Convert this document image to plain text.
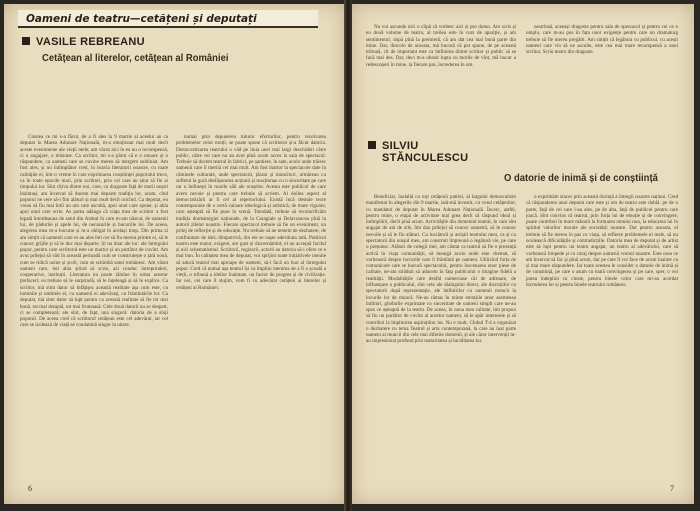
Oameni de teatru—cetățeni și deputați
VASILE REBREANU
Cetățean al literelor, cetățean al României

Cinstea ce mi s-a făcut, de a fi ales la 9 martie al acestui an ca deputat în Marea Adunare Națională, m-a emoționat mai mult decît aceste evenimente ale vieții mele; am văzut aici în ea nu o recompensă, ci o angajare, o misiune. Ca scriitor, mi s-a părut că e o onoare și o răspundere, ca oameni care se cuvine mereu să mergem subliniat. Am fost ales, și nu întîmplător cred, în istoria literaturii noastre, cu toate calitățile ei, într-o vreme în care exprimarea conștiinței poporului trece, ca în toate epocile mari, prin scriitori, prin cei care au știut să fie ai timpului lor. Sînt cîțiva dintre noi, care, cu dragoste față de marii noștri înaintași, am încercat să ducem mai departe tradiția lor, acum, cînd poporul ne cere să-i fim alături și mai mult decît oricînd. Ca deputat, eu vreau să fiu mai întîi un om care ascultă, apoi unul care spune, și abia apoi unul care scrie. As putea adăuga că viața mea de scriitor a fost legată întotdeauna de satul din Ardeal în care m-am născut, de oamenii lui, de pădurile și apele lui, de necazurile și bucuriile lui. De aceea, alegerea mea m-a bucurat și m-a obligat în același timp. Din prima zi am simțit că oamenii care m-au ales îmi cer să fiu mereu printre ei, să le cunosc grijile și să le duc mai departe. Și nu doar ale lor: ale întregului popor, pentru care scriitorul este un martor și un purtător de cuvînt. Am avut prilejul să văd în această perioadă cum se construiește o țară nouă, cum se ridică uzine și școli, cum se schimbă satul românesc. Am văzut oameni care, ieri abia știind să scrie, azi conduc întreprinderi, cooperative, instituții. Literatura nu poate rămîne în urma acestor prefaceri; ea trebuie să le surprindă, să le înțeleagă și să le explice. Ca scriitor, mă simt dator să înfățișez această realitate așa cum este, cu luminile și umbrele ei, cu oamenii ei adevărați, cu frămîntările lor. Ca deputat, mă simt dator să lupt pentru ca această realitate să fie tot mai bună, tot mai dreaptă, tot mai frumoasă. Cele două datorii nu se despart, ci se completează; ele sînt, de fapt, una singură: datoria de a sluji poporul. De aceea cred că scriitorul cetățean este cel adevărat, iar cel care se izolează de viață se condamnă singur la uitare.

numai prin depunerea tuturor eforturilor, pentru rezolvarea problemelor celor mulți, se poate spune că scriitorul și-a făcut datoria. Democratizarea teatrului o văd pe linia unei mai largi deschideri către public, către cei care nu au avut pînă acum acces la sala de spectacol. Trebuie să ducem teatrul în fabrici, pe șantiere, în sate, acolo unde trăiesc oamenii care îl merită cel mai mult. Am fost martor la spectacole date în căminele culturale, unde spectatorii, țărani și muncitori, urmăreau cu sufletul la gură desfășurarea acțiunii și reacționau cu o sinceritate pe care rar o întîlnești în marile săli ale orașelor. Acesta este publicul de care avem nevoie și pentru care trebuie să scriem. Al doilea aspect al democratizării ar fi cel al repertoriului. Există încă destule texte contemporane de o certă valoare ideologică și artistică, de mare vigoare, care așteaptă să fie puse în scenă. Totodată, trebuie să revalorificăm tradiția dramaturgiei naționale, de la Caragiale și Delavrancea pînă la autorii zilelor noastre. Fiecare spectacol trebuie să fie un eveniment, un prilej de reflecție și de educație. Nu trebuie să ne temem de dezbatere, de confruntare de idei; dimpotrivă, din ele se naște adevărata artă. Publicul nostru este matur, exigent, are gust și discernămînt; el nu acceptă facilul și nici schematismul. Scriitorii, regizorii, actorii au datoria să-i ofere ce e mai bun. În calitatea mea de deputat, voi sprijini toate inițiativele menite să aducă teatrul mai aproape de oameni, să-l facă un bun al întregului popor. Cred că numai așa teatrul își va împlini menirea de a fi o școală a vieții, o tribună a ideilor înaintate, un factor de progres și de civilizație. Iar noi, cei care îl slujim, vom fi cu adevărat cetățeni ai literelor și cetățeni ai României.

6

Nu voi ascunde nici o clipă că vorbesc aici și pro domo. Am scris și eu două volume de teatru, al treilea este în curs de apariție, și am sentimentul, după pînă la premieră, că am dat cea mai bună parte din mine. Dar, dincolo de aceasta, mă bucură că pot spune, de pe această tribună, cît de important este ca întîlnirea dintre scriitor și public să se facă mai des. Dar, deci m-a obosit lupta cu morile de vînt, mă bucur a redescoperi în mine, la fiecare pas, încrederea în om.

nestrînsă, aceeași dragoste pentru sala de spectacol și pentru cei ce o umplu, care m-au pus în fața unor exigențe pentru care un dramaturg trebuie să fie mereu pregătit. Am simțit că legătura cu publicul, cu acești oameni care vin să ne asculte, este cea mai mare recompensă a unui scriitor. Scriu teatru din dragoste.

SILVIU STĂNCULESCU
O datorie de inimă și de conștiință

Beneficiar, laolaltă cu toți cetățenii patriei, al largului democratism manifestat în alegerile din 9 martie, iată-mă investit, cu votul cetățenilor, cu mandatul de deputat în Marea Adunare Națională. Încerc, astfel, pentru mine, o etapă de activitate mai grea decît să răspund ideal și întîmplării, decît pînă acum. Activitățile din domeniul teatral, în care sînt angajat de ani de zile, îmi dau prilejul să cunosc oamenii, să le cunosc nevoile și să le fiu alături. Cu lucrătorii și artiștii teatrului meu, ca și cu spectatorii din orașul meu, am construit împreună o legătură vie, pe care o prețuiesc. Alături de colegii mei, am căutat ca teatrul să fie o prezență activă în viața comunității, să meargă acolo unde este chemat, să vorbească despre lucrurile care îi frămîntă pe oameni. Utilizînd forța de comunicare care se bucură spectacolul, pentru înscenarea unor piese de calitate, ne-am străduit să aducem în fața publicului o imagine fidelă a realității. Modalitățile care desfid numeroase căi de adresare, de influențare a publicului, sînt cele ale dialogului direct, ale discuțiilor cu spectatorii după reprezentație, ale întîlnirilor cu oamenii muncii la locurile lor de muncă. Ne-au rămas în minte emoțiile unor asemenea întîlniri, gîndurile exprimate cu sinceritate de oameni simpli care ne-au spus ce așteaptă de la teatru. De aceea, în noua mea calitate, îmi propun să fiu un purtător de cuvînt al acestor oameni, să le apăr interesele și să contribui la împlinirea aspirațiilor lor. Nu e mult, Clubul T-4 a organizat o dezbatere cu tema Teatrul și arta contemporană, la care au luat parte oameni ai muncii din cele mai diferite domenii, și ale căror intervenții m-au impresionat profund prin maturitatea și luciditatea lor.

o exprimăm sincer prin această dorință a întregii noastre națiuni. Cred că răspunderea unui deputat care este și om de teatru este dublă: pe de o parte, față de cei care l-au ales, pe de alta, față de publicul pentru care joacă. Sînt convins că teatrul, prin forța lui de emoție și de convingere, poate contribui în mare măsură la formarea omului nou, la educarea lui în spiritul valorilor morale ale societății noastre. Dar pentru aceasta, el trebuie să fie mereu în pas cu viața, să reflecte problemele ei reale, să nu ocolească dificultățile și contradicțiile. Datoria mea de deputat și de artist este să lupt pentru un teatru angajat, un teatru al adevărului, care să vorbească limpede și cu curaj despre oamenii vremii noastre. Este ceea ce am încercat să fac și pînă acum, dar pe care îl voi face de acum înainte cu și mai mare răspundere. Iar toate acestea le consider o datorie de inimă și de conștiință, pe care o asum cu toată convingerea și pe care, sper, o voi putea îndeplini cu cinste, pentru binele celor care mi-au acordat încrederea lor și pentru binele teatrului românesc.

7
